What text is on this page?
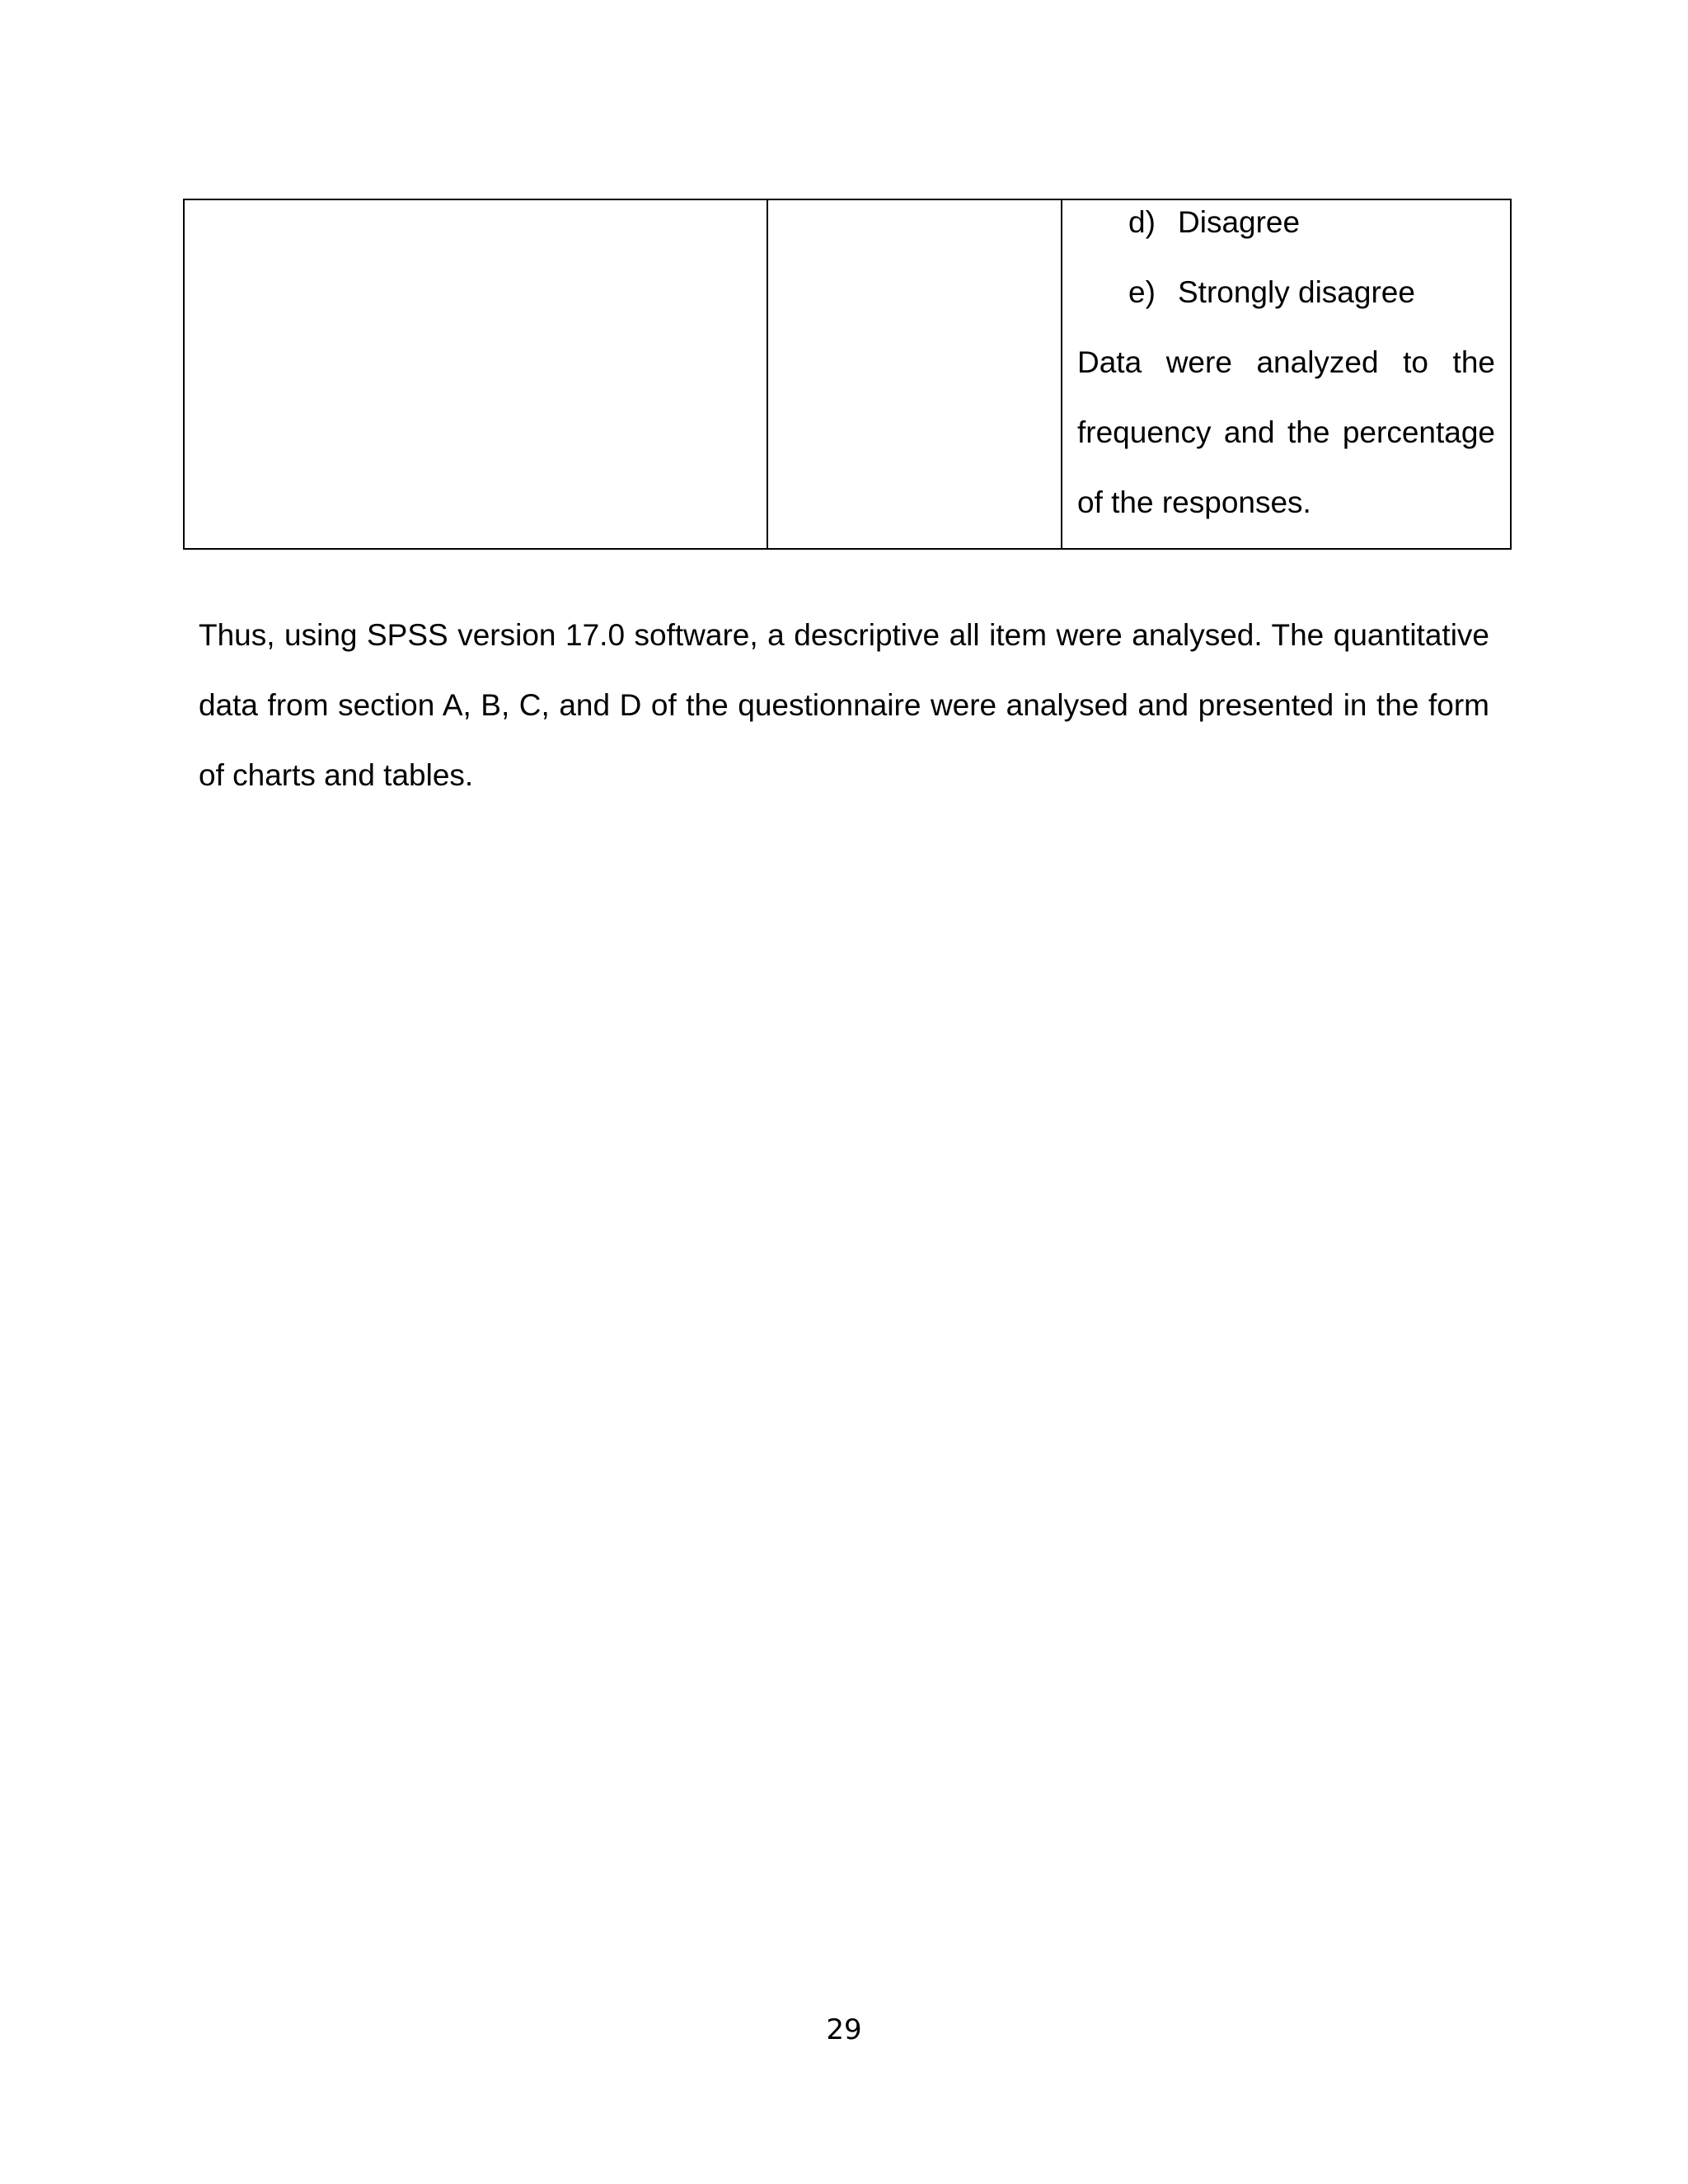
d) Disagree
e) Strongly disagree
Data were analyzed to the frequency and the percentage of the responses.

Thus, using SPSS version 17.0 software, a descriptive all item were analysed. The quantitative data from section A, B, C, and D of the questionnaire were analysed and presented in the form of charts and tables.

29
